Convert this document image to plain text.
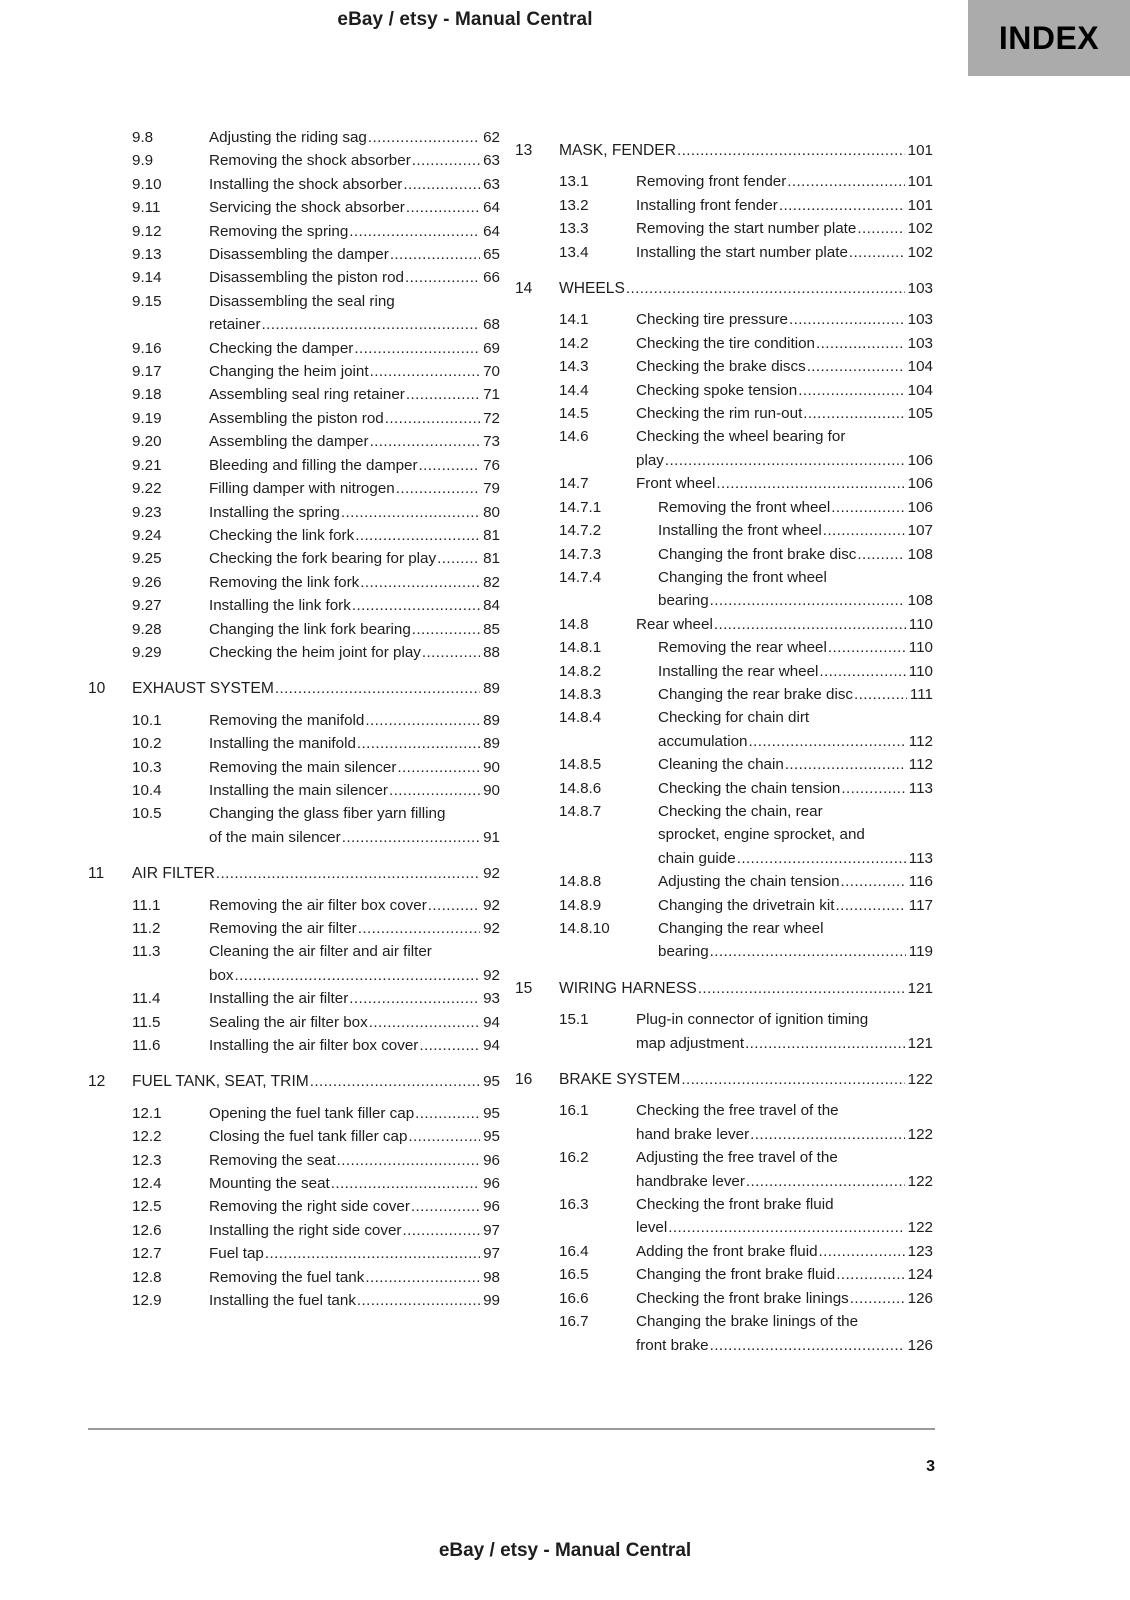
eBay / etsy - Manual Central	INDEX
9.8	Adjusting the riding sag .....	62
9.9	Removing the shock absorber .....	63
9.10	Installing the shock absorber .....	63
9.11	Servicing the shock absorber .....	64
9.12	Removing the spring .....	64
9.13	Disassembling the damper .....	65
9.14	Disassembling the piston rod .....	66
9.15	Disassembling the seal ring
retainer .....	68
9.16	Checking the damper .....	69
9.17	Changing the heim joint .....	70
9.18	Assembling seal ring retainer .....	71
9.19	Assembling the piston rod .....	72
9.20	Assembling the damper .....	73
9.21	Bleeding and filling the damper .....	76
9.22	Filling damper with nitrogen .....	79
9.23	Installing the spring .....	80
9.24	Checking the link fork .....	81
9.25	Checking the fork bearing for play .....	81
9.26	Removing the link fork .....	82
9.27	Installing the link fork .....	84
9.28	Changing the link fork bearing .....	85
9.29	Checking the heim joint for play .....	88
10	EXHAUST SYSTEM .....	89
10.1	Removing the manifold .....	89
10.2	Installing the manifold .....	89
10.3	Removing the main silencer .....	90
10.4	Installing the main silencer .....	90
10.5	Changing the glass fiber yarn filling
of the main silencer .....	91
11	AIR FILTER .....	92
11.1	Removing the air filter box cover .....	92
11.2	Removing the air filter .....	92
11.3	Cleaning the air filter and air filter
box .....	92
11.4	Installing the air filter .....	93
11.5	Sealing the air filter box .....	94
11.6	Installing the air filter box cover .....	94
12	FUEL TANK, SEAT, TRIM .....	95
12.1	Opening the fuel tank filler cap .....	95
12.2	Closing the fuel tank filler cap .....	95
12.3	Removing the seat .....	96
12.4	Mounting the seat .....	96
12.5	Removing the right side cover .....	96
12.6	Installing the right side cover .....	97
12.7	Fuel tap .....	97
12.8	Removing the fuel tank .....	98
12.9	Installing the fuel tank .....	99
13	MASK, FENDER .....	101
13.1	Removing front fender .....	101
13.2	Installing front fender .....	101
13.3	Removing the start number plate .....	102
13.4	Installing the start number plate .....	102
14	WHEELS .....	103
14.1	Checking tire pressure .....	103
14.2	Checking the tire condition .....	103
14.3	Checking the brake discs .....	104
14.4	Checking spoke tension .....	104
14.5	Checking the rim run-out .....	105
14.6	Checking the wheel bearing for
play .....	106
14.7	Front wheel .....	106
14.7.1	Removing the front wheel .....	106
14.7.2	Installing the front wheel .....	107
14.7.3	Changing the front brake disc .....	108
14.7.4	Changing the front wheel
bearing .....	108
14.8	Rear wheel .....	110
14.8.1	Removing the rear wheel .....	110
14.8.2	Installing the rear wheel .....	110
14.8.3	Changing the rear brake disc .....	111
14.8.4	Checking for chain dirt
accumulation .....	112
14.8.5	Cleaning the chain .....	112
14.8.6	Checking the chain tension .....	113
14.8.7	Checking the chain, rear
sprocket, engine sprocket, and
chain guide .....	113
14.8.8	Adjusting the chain tension .....	116
14.8.9	Changing the drivetrain kit .....	117
14.8.10	Changing the rear wheel
bearing .....	119
15	WIRING HARNESS .....	121
15.1	Plug-in connector of ignition timing
map adjustment .....	121
16	BRAKE SYSTEM .....	122
16.1	Checking the free travel of the
hand brake lever .....	122
16.2	Adjusting the free travel of the
handbrake lever .....	122
16.3	Checking the front brake fluid
level .....	122
16.4	Adding the front brake fluid .....	123
16.5	Changing the front brake fluid .....	124
16.6	Checking the front brake linings .....	126
16.7	Changing the brake linings of the
front brake .....	126
3
eBay / etsy - Manual Central
